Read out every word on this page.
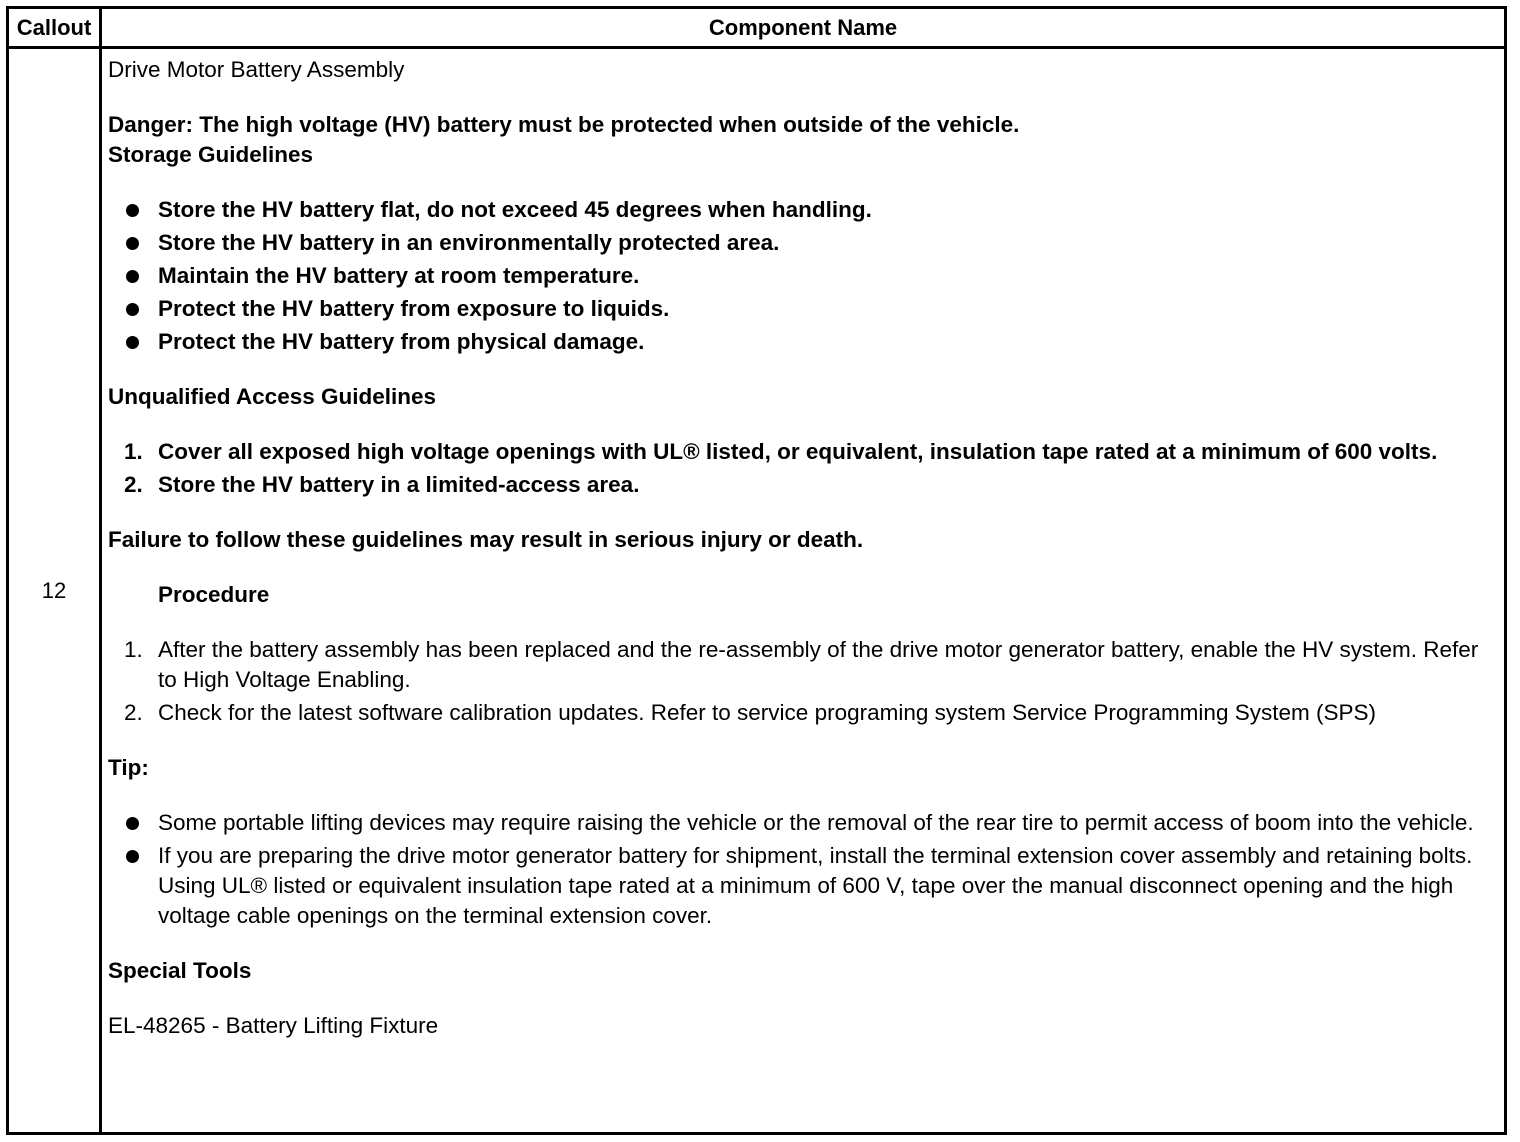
Callout	Component Name
12

Drive Motor Battery Assembly

Danger: The high voltage (HV) battery must be protected when outside of the vehicle.

Storage Guidelines

Store the HV battery flat, do not exceed 45 degrees when handling.
Store the HV battery in an environmentally protected area.
Maintain the HV battery at room temperature.
Protect the HV battery from exposure to liquids.
Protect the HV battery from physical damage.

Unqualified Access Guidelines

1. Cover all exposed high voltage openings with UL® listed, or equivalent, insulation tape rated at a minimum of 600 volts.
2. Store the HV battery in a limited-access area.

Failure to follow these guidelines may result in serious injury or death.

Procedure

1. After the battery assembly has been replaced and the re-assembly of the drive motor generator battery, enable the HV system. Refer to High Voltage Enabling.
2. Check for the latest software calibration updates. Refer to service programing system Service Programming System (SPS)

Tip:

Some portable lifting devices may require raising the vehicle or the removal of the rear tire to permit access of boom into the vehicle.
If you are preparing the drive motor generator battery for shipment, install the terminal extension cover assembly and retaining bolts. Using UL® listed or equivalent insulation tape rated at a minimum of 600 V, tape over the manual disconnect opening and the high voltage cable openings on the terminal extension cover.

Special Tools

EL-48265 - Battery Lifting Fixture
